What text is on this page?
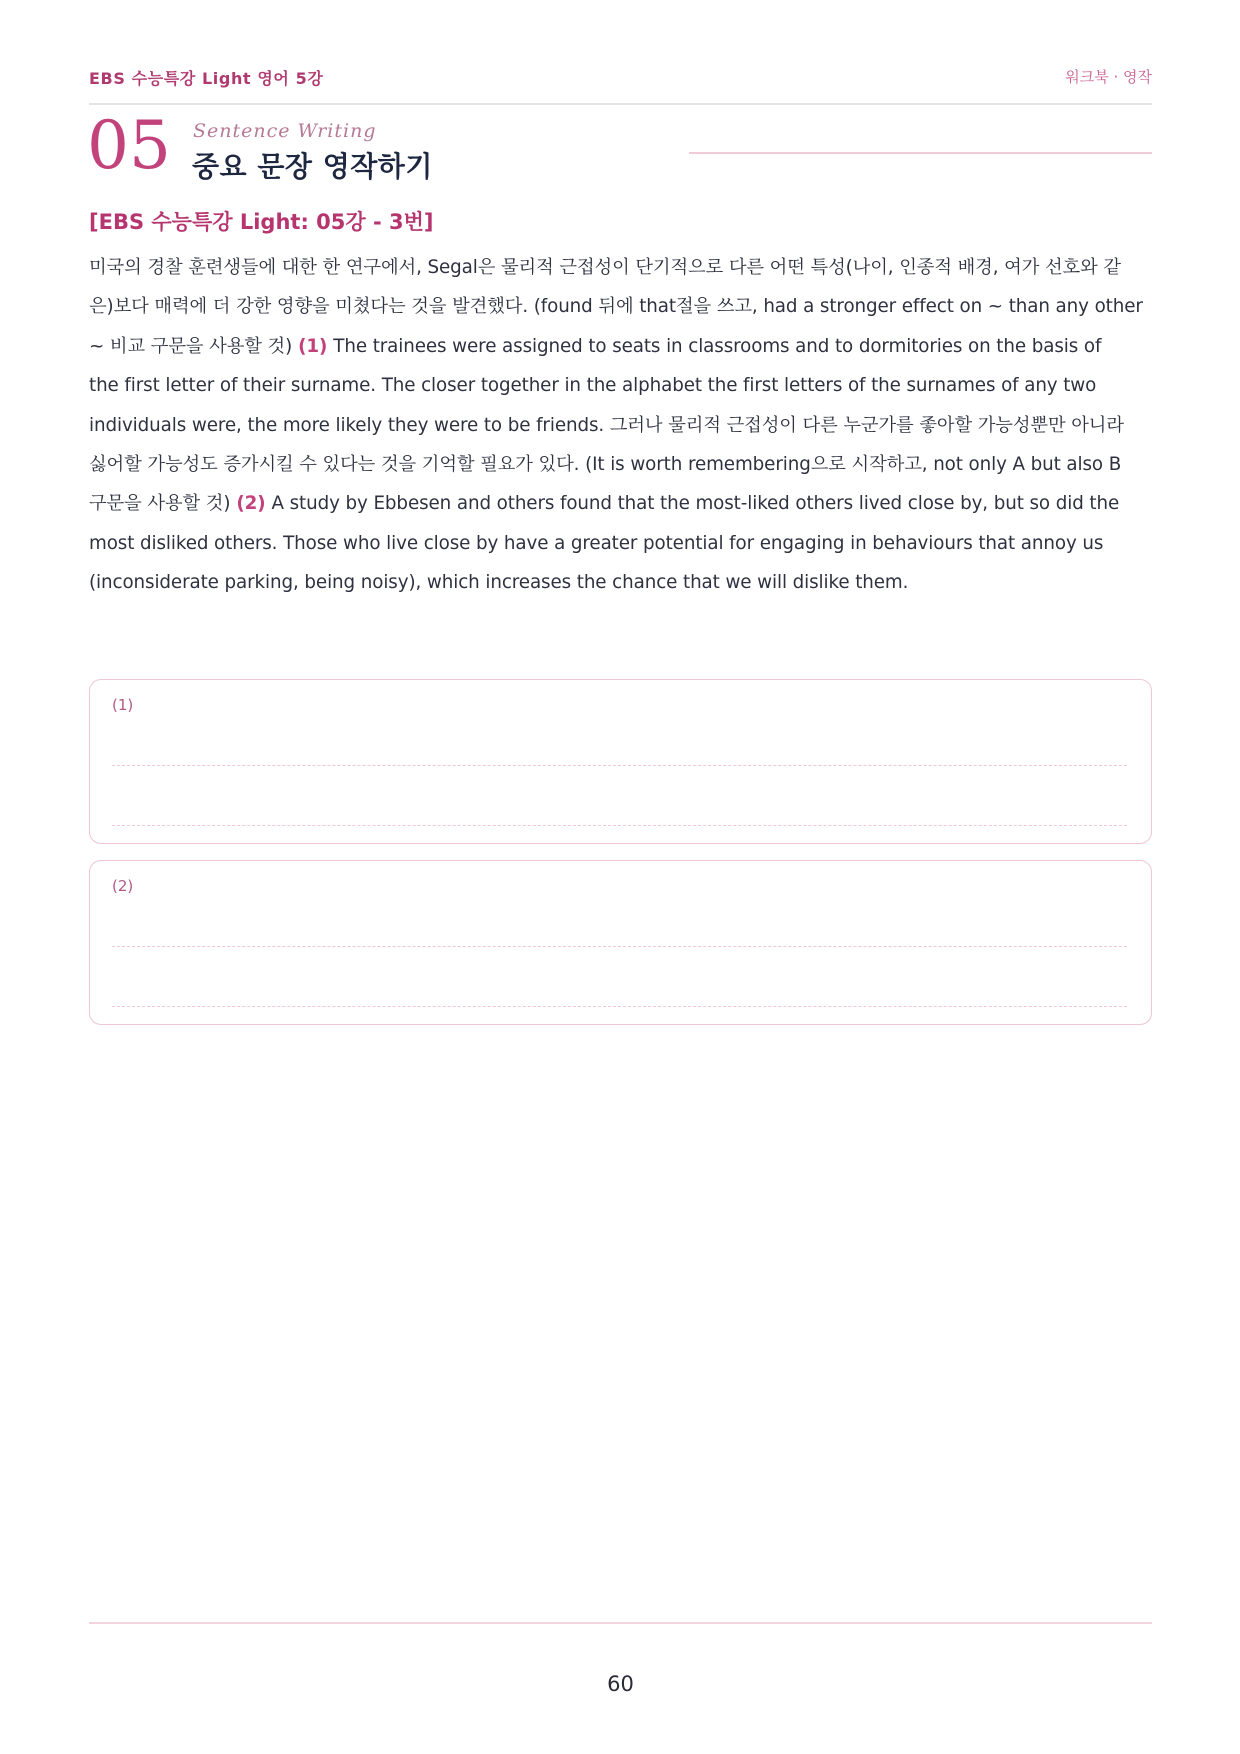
EBS 수능특강 Light 영어 5강	워크북 · 영작
05 Sentence Writing
중요 문장 영작하기
[EBS 수능특강 Light: 05강 - 3번]
미국의 경찰 훈련생들에 대한 한 연구에서, Segal은 물리적 근접성이 단기적으로 다른 어떤 특성(나이, 인종적 배경, 여가 선호와 같
은)보다 매력에 더 강한 영향을 미쳤다는 것을 발견했다. (found 뒤에 that절을 쓰고, had a stronger effect on ~ than any other
~ 비교 구문을 사용할 것) (1) The trainees were assigned to seats in classrooms and to dormitories on the basis of
the first letter of their surname. The closer together in the alphabet the first letters of the surnames of any two
individuals were, the more likely they were to be friends. 그러나 물리적 근접성이 다른 누군가를 좋아할 가능성뿐만 아니라
싫어할 가능성도 증가시킬 수 있다는 것을 기억할 필요가 있다. (It is worth remembering으로 시작하고, not only A but also B
구문을 사용할 것) (2) A study by Ebbesen and others found that the most-liked others lived close by, but so did the
most disliked others. Those who live close by have a greater potential for engaging in behaviours that annoy us
(inconsiderate parking, being noisy), which increases the chance that we will dislike them.
(1)
(2)
60
